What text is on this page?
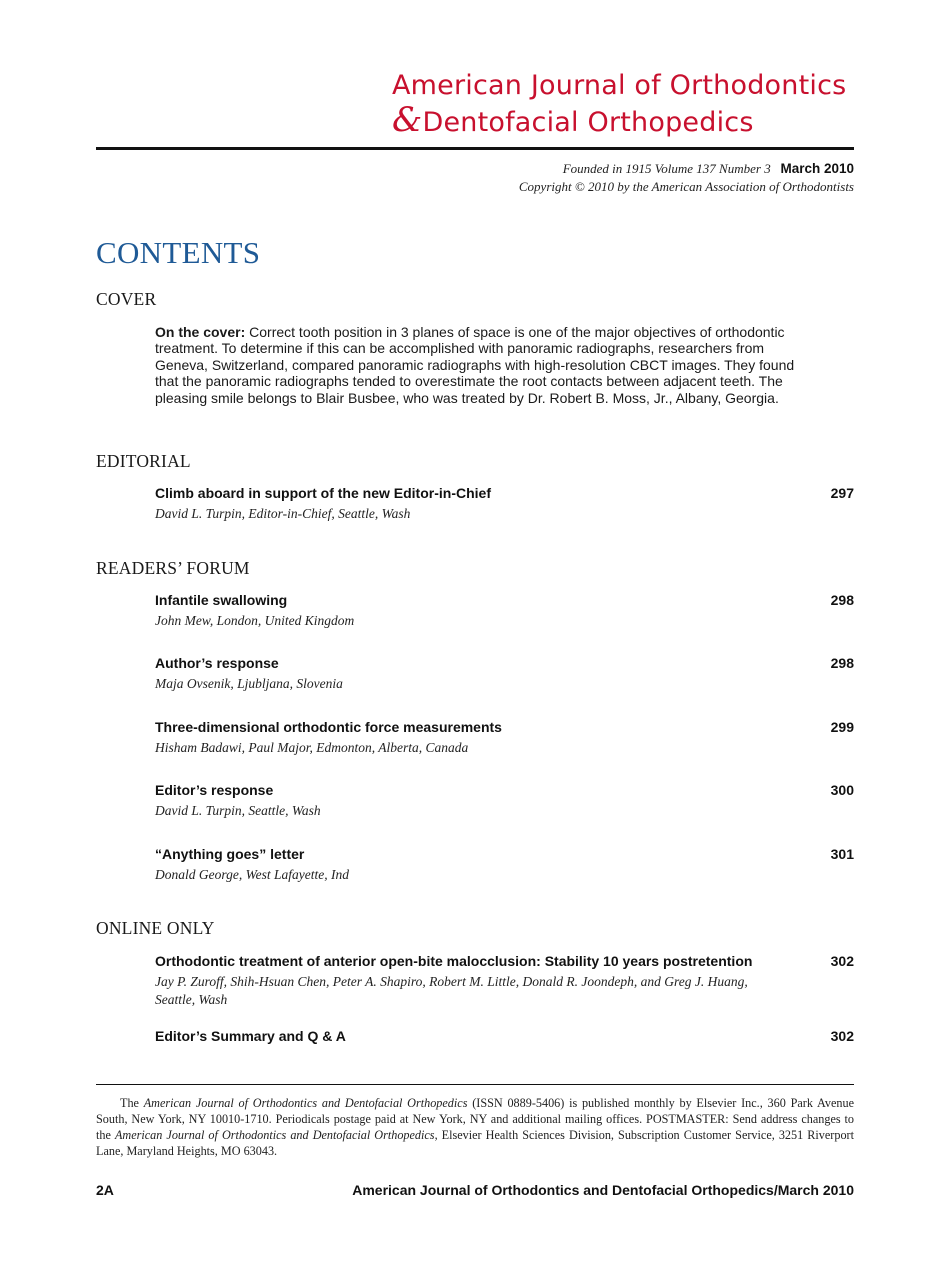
American Journal of Orthodontics
&Dentofacial Orthopedics
Founded in 1915 Volume 137 Number 3 March 2010
Copyright © 2010 by the American Association of Orthodontists
CONTENTS
COVER
On the cover: Correct tooth position in 3 planes of space is one of the major objectives of orthodontic treatment. To determine if this can be accomplished with panoramic radiographs, researchers from Geneva, Switzerland, compared panoramic radiographs with high-resolution CBCT images. They found that the panoramic radiographs tended to overestimate the root contacts between adjacent teeth. The pleasing smile belongs to Blair Busbee, who was treated by Dr. Robert B. Moss, Jr., Albany, Georgia.
EDITORIAL
Climb aboard in support of the new Editor-in-Chief	297
David L. Turpin, Editor-in-Chief, Seattle, Wash
READERS’ FORUM
Infantile swallowing	298
John Mew, London, United Kingdom
Author’s response	298
Maja Ovsenik, Ljubljana, Slovenia
Three-dimensional orthodontic force measurements	299
Hisham Badawi, Paul Major, Edmonton, Alberta, Canada
Editor’s response	300
David L. Turpin, Seattle, Wash
“Anything goes” letter	301
Donald George, West Lafayette, Ind
ONLINE ONLY
Orthodontic treatment of anterior open-bite malocclusion: Stability 10 years postretention	302
Jay P. Zuroff, Shih-Hsuan Chen, Peter A. Shapiro, Robert M. Little, Donald R. Joondeph, and Greg J. Huang, Seattle, Wash
Editor’s Summary and Q & A	302
The American Journal of Orthodontics and Dentofacial Orthopedics (ISSN 0889-5406) is published monthly by Elsevier Inc., 360 Park Avenue South, New York, NY 10010-1710. Periodicals postage paid at New York, NY and additional mailing offices. POSTMASTER: Send address changes to the American Journal of Orthodontics and Dentofacial Orthopedics, Elsevier Health Sciences Division, Subscription Customer Service, 3251 Riverport Lane, Maryland Heights, MO 63043.
2A	American Journal of Orthodontics and Dentofacial Orthopedics/March 2010
